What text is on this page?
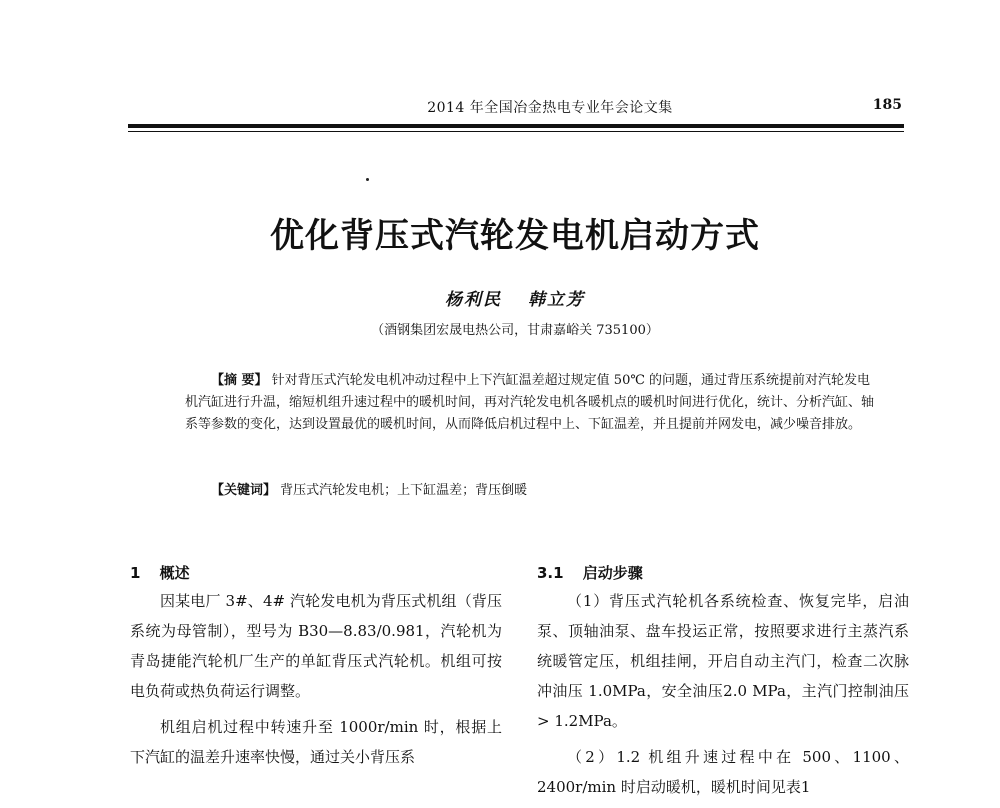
2014 年全国冶金热电专业年会论文集	185
优化背压式汽轮发电机启动方式
杨利民 韩立芳
（酒钢集团宏晟电热公司，甘肃嘉峪关 735100）
【摘 要】 针对背压式汽轮发电机冲动过程中上下汽缸温差超过规定值 50℃ 的问题，通过背压系统提前对汽轮发电机汽缸进行升温，缩短机组升速过程中的暖机时间，再对汽轮发电机各暖机点的暖机时间进行优化，统计、分析汽缸、轴系等参数的变化，达到设置最优的暖机时间，从而降低启机过程中上、下缸温差，并且提前并网发电，减少噪音排放。
【关键词】 背压式汽轮发电机；上下缸温差；背压倒暖
1 概述	3.1 启动步骤

因某电厂 3#、4# 汽轮发电机为背压式机组（背压系统为母管制），型号为 B30—8.83/0.981，汽轮机为青岛捷能汽轮机厂生产的单缸背压式汽轮机。机组可按电负荷或热负荷运行调整。

机组启机过程中转速升至 1000r/min 时，根据上下汽缸的温差升速率快慢，通过关小背压系

（1）背压式汽轮机各系统检查、恢复完毕，启油泵、顶轴油泵、盘车投运正常，按照要求进行主蒸汽系统暖管定压，机组挂闸，开启自动主汽门，检查二次脉冲油压 1.0MPa，安全油压2.0 MPa，主汽门控制油压 > 1.2MPa。

（2）1.2 机组升速过程中在 500、1100、2400r/min 时启动暖机，暖机时间见表1
